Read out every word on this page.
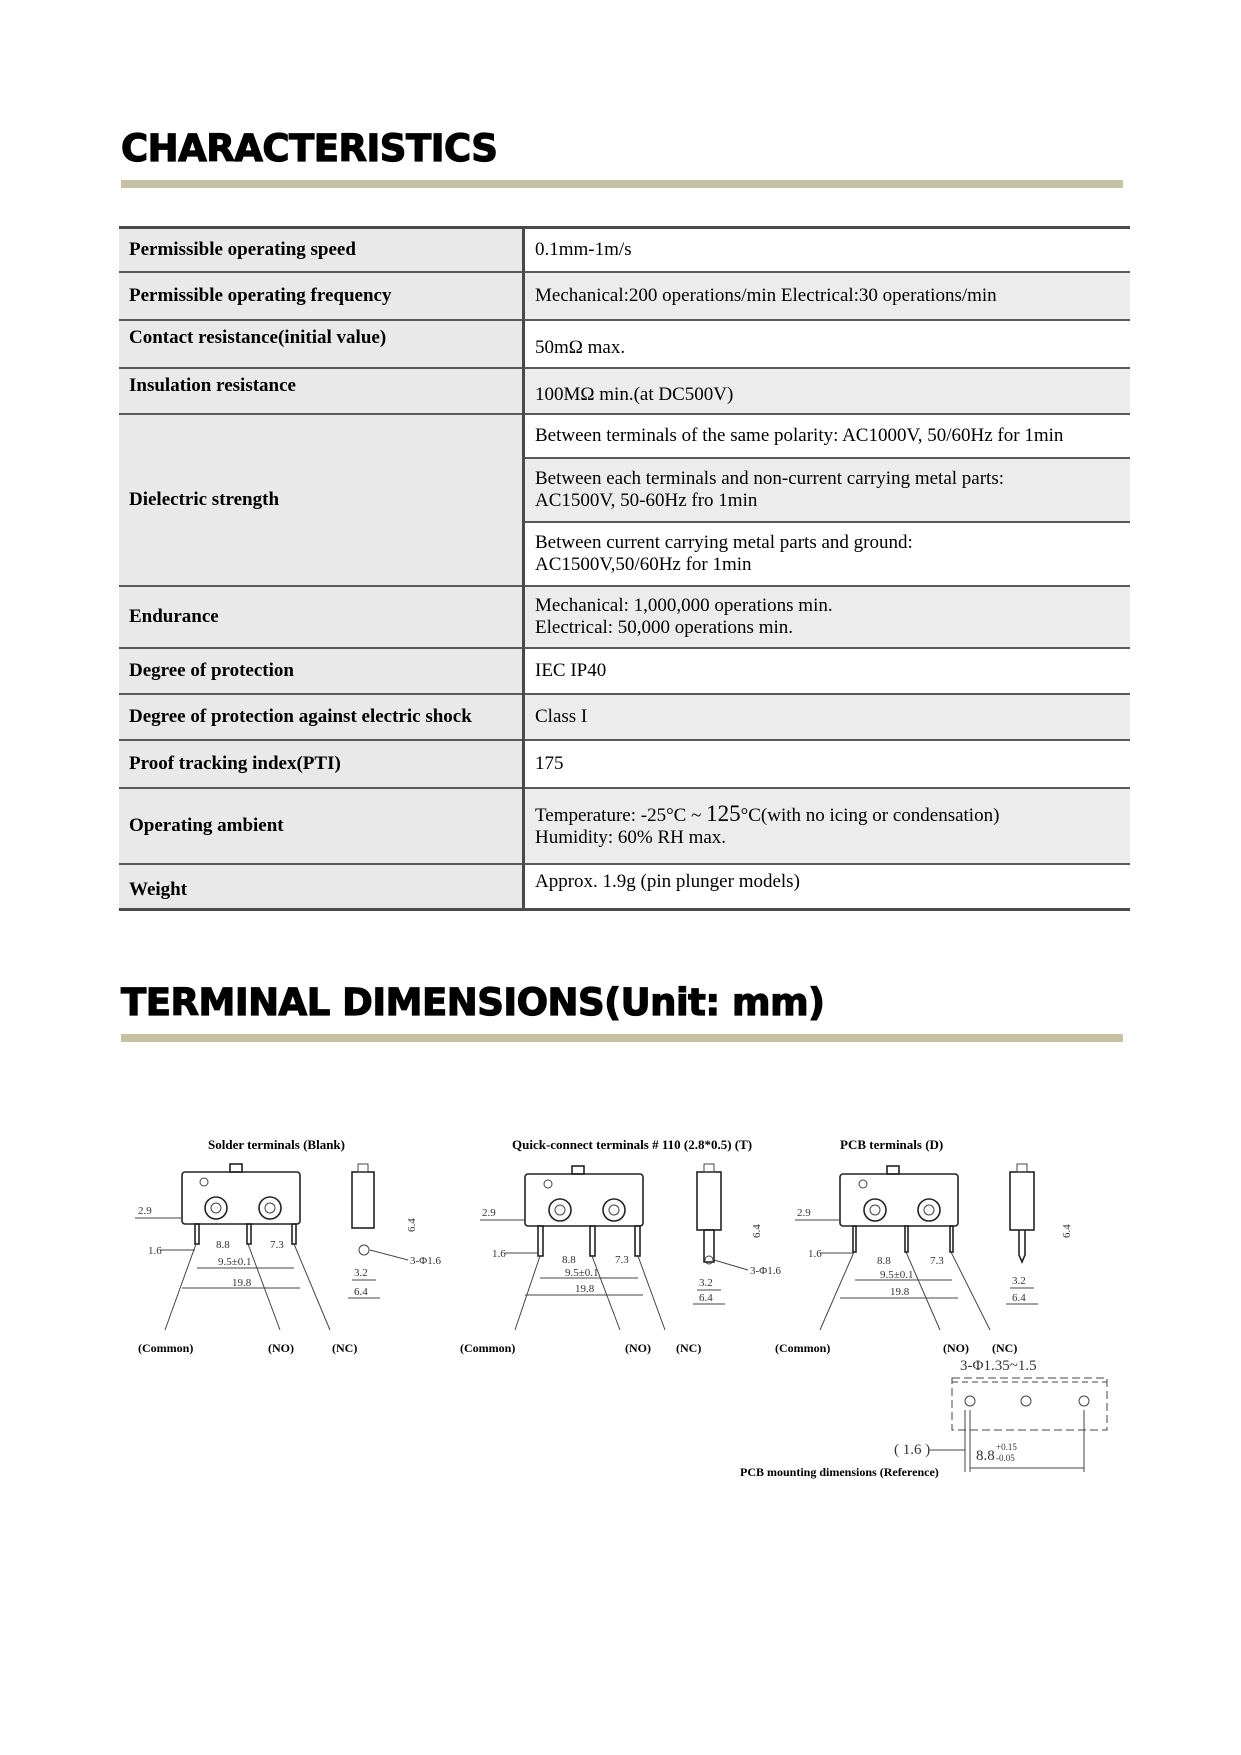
CHARACTERISTICS
Permissible operating speed	0.1mm-1m/s
Permissible operating frequency	Mechanical:200 operations/min Electrical:30 operations/min
Contact resistance(initial value)	50mΩ max.
Insulation resistance	100MΩ min.(at DC500V)
Dielectric strength	Between terminals of the same polarity: AC1000V, 50/60Hz for 1min
	Between each terminals and non-current carrying metal parts:
AC1500V, 50-60Hz fro 1min
	Between current carrying metal parts and ground:
AC1500V,50/60Hz for 1min
Endurance	Mechanical: 1,000,000 operations min.
Electrical: 50,000 operations min.
Degree of protection	IEC IP40
Degree of protection against electric shock	Class I
Proof tracking index(PTI)	175
Operating ambient	Temperature: -25°C ~ 125°C(with no icing or condensation)
Humidity: 60% RH max.
Weight	Approx. 1.9g (pin plunger models)
TERMINAL DIMENSIONS(Unit: mm)
Solder terminals (Blank)
2.9
1.6	8.8	7.3
9.5±0.1
19.8
(Common)	(NO)	(NC)
3.2
6.4
3-Φ1.6
6.4
Quick-connect terminals # 110 (2.8*0.5) (T)
2.9
1.6	8.8	7.3
9.5±0.1
19.8
(Common)	(NO) (NC)
3.2
6.4
3-Φ1.6
6.4
PCB terminals (D)
2.9
1.6
8.8	7.3
9.5±0.1
19.8
(Common)	(NO) (NC)
3.2
6.4
6.4
3-Φ1.35~1.5
( 1.6 )	8.8
+0.15
-0.05
PCB mounting dimensions (Reference)
